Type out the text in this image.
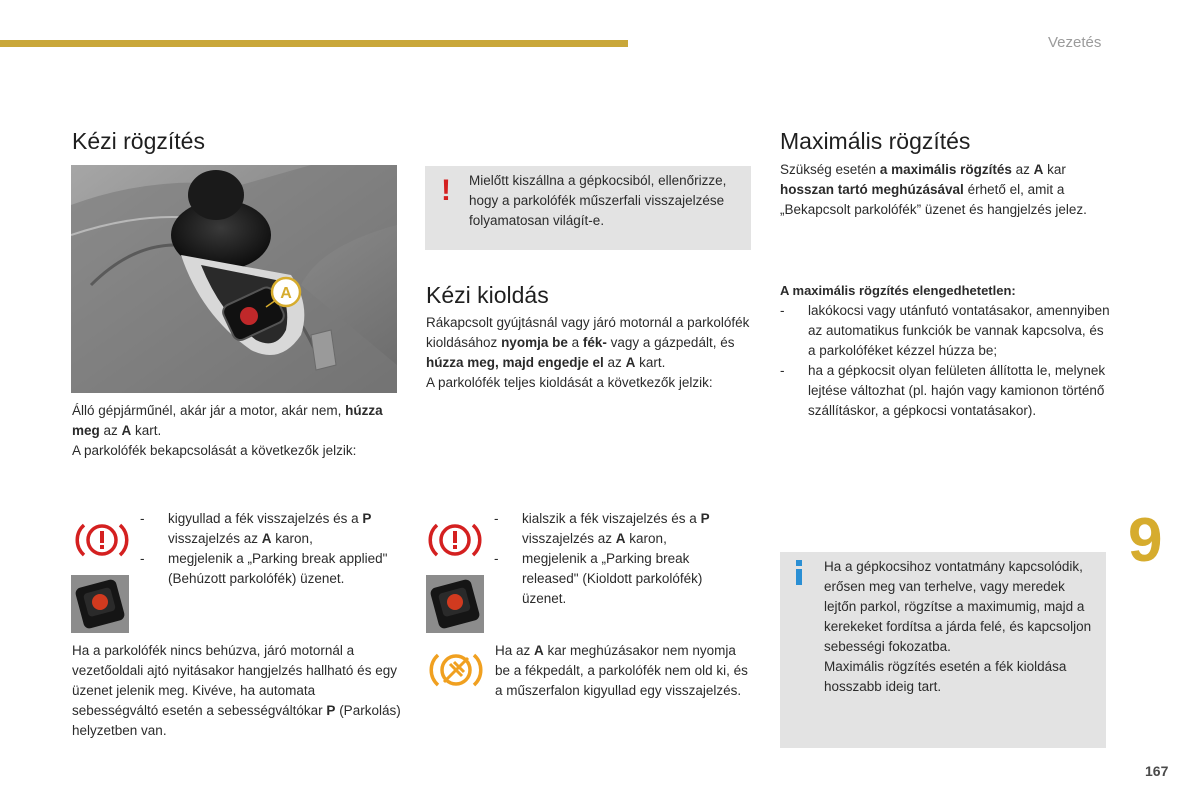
Vezetés
Kézi rögzítés
A

Álló gépjárműnél, akár jár a motor, akár nem, húzza meg az A kart.

A parkolófék bekapcsolását a következők jelzik:

- kigyullad a fék visszajelzés és a P visszajelzés az A karon,
- megjelenik a „Parking break applied" (Behúzott parkolófék) üzenet.

Ha a parkolófék nincs behúzva, járó motornál a vezetőoldali ajtó nyitásakor hangjelzés hallható és egy üzenet jelenik meg. Kivéve, ha automata sebességváltó esetén a sebességváltókar P (Parkolás) helyzetben van.

! Mielőtt kiszállna a gépkocsiból, ellenőrizze, hogy a parkolófék műszerfali visszajelzése folyamatosan világít-e.

Kézi kioldás

Rákapcsolt gyújtásnál vagy járó motornál a parkolófék kioldásához nyomja be a fék- vagy a gázpedált, és húzza meg, majd engedje el az A kart.

A parkolófék teljes kioldását a következők jelzik:

- kialszik a fék viszajelzés és a P visszajelzés az A karon,
- megjelenik a „Parking break released" (Kioldott parkolófék) üzenet.

Ha az A kar meghúzásakor nem nyomja be a fékpedált, a parkolófék nem old ki, és a műszerfalon kigyullad egy visszajelzés.

Maximális rögzítés

Szükség esetén a maximális rögzítés az A kar hosszan tartó meghúzásával érhető el, amit a „Bekapcsolt parkolófék” üzenet és hangjelzés jelez.

A maximális rögzítés elengedhetetlen:

- lakókocsi vagy utánfutó vontatásakor, amennyiben az automatikus funkciók be vannak kapcsolva, és a parkolóféket kézzel húzza be;
- ha a gépkocsit olyan felületen állította le, melynek lejtése változhat (pl. hajón vagy kamionon történő szállításkor, a gépkocsi vontatásakor).

Ha a gépkocsihoz vontatmány kapcsolódik, erősen meg van terhelve, vagy meredek lejtőn parkol, rögzítse a maximumig, majd a kerekeket fordítsa a járda felé, és kapcsoljon sebességi fokozatba.

Maximális rögzítés esetén a fék kioldása hosszabb ideig tart.

9
167
